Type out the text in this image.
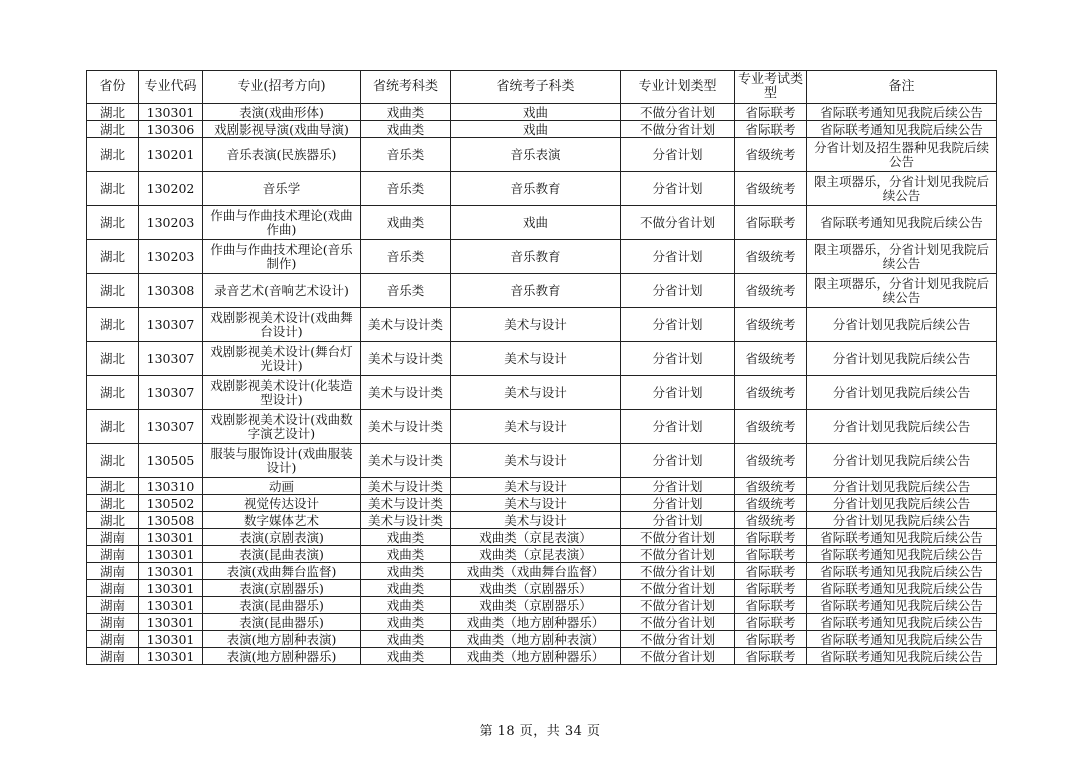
省份	专业代码	专业(招考方向)	省统考科类	省统考子科类	专业计划类型	专业考试类型	备注
湖北	130301	表演(戏曲形体)	戏曲类	戏曲	不做分省计划	省际联考	省际联考通知见我院后续公告
湖北	130306	戏剧影视导演(戏曲导演)	戏曲类	戏曲	不做分省计划	省际联考	省际联考通知见我院后续公告
湖北	130201	音乐表演(民族器乐)	音乐类	音乐表演	分省计划	省级统考	分省计划及招生器种见我院后续公告
湖北	130202	音乐学	音乐类	音乐教育	分省计划	省级统考	限主项器乐，分省计划见我院后续公告
湖北	130203	作曲与作曲技术理论(戏曲作曲)	戏曲类	戏曲	不做分省计划	省际联考	省际联考通知见我院后续公告
湖北	130203	作曲与作曲技术理论(音乐制作)	音乐类	音乐教育	分省计划	省级统考	限主项器乐，分省计划见我院后续公告
湖北	130308	录音艺术(音响艺术设计)	音乐类	音乐教育	分省计划	省级统考	限主项器乐，分省计划见我院后续公告
湖北	130307	戏剧影视美术设计(戏曲舞台设计)	美术与设计类	美术与设计	分省计划	省级统考	分省计划见我院后续公告
湖北	130307	戏剧影视美术设计(舞台灯光设计)	美术与设计类	美术与设计	分省计划	省级统考	分省计划见我院后续公告
湖北	130307	戏剧影视美术设计(化装造型设计)	美术与设计类	美术与设计	分省计划	省级统考	分省计划见我院后续公告
湖北	130307	戏剧影视美术设计(戏曲数字演艺设计)	美术与设计类	美术与设计	分省计划	省级统考	分省计划见我院后续公告
湖北	130505	服装与服饰设计(戏曲服装设计)	美术与设计类	美术与设计	分省计划	省级统考	分省计划见我院后续公告
湖北	130310	动画	美术与设计类	美术与设计	分省计划	省级统考	分省计划见我院后续公告
湖北	130502	视觉传达设计	美术与设计类	美术与设计	分省计划	省级统考	分省计划见我院后续公告
湖北	130508	数字媒体艺术	美术与设计类	美术与设计	分省计划	省级统考	分省计划见我院后续公告
湖南	130301	表演(京剧表演)	戏曲类	戏曲类（京昆表演）	不做分省计划	省际联考	省际联考通知见我院后续公告
湖南	130301	表演(昆曲表演)	戏曲类	戏曲类（京昆表演）	不做分省计划	省际联考	省际联考通知见我院后续公告
湖南	130301	表演(戏曲舞台监督)	戏曲类	戏曲类（戏曲舞台监督）	不做分省计划	省际联考	省际联考通知见我院后续公告
湖南	130301	表演(京剧器乐)	戏曲类	戏曲类（京剧器乐）	不做分省计划	省际联考	省际联考通知见我院后续公告
湖南	130301	表演(昆曲器乐)	戏曲类	戏曲类（京剧器乐）	不做分省计划	省际联考	省际联考通知见我院后续公告
湖南	130301	表演(昆曲器乐)	戏曲类	戏曲类（地方剧种器乐）	不做分省计划	省际联考	省际联考通知见我院后续公告
湖南	130301	表演(地方剧种表演)	戏曲类	戏曲类（地方剧种表演）	不做分省计划	省际联考	省际联考通知见我院后续公告
湖南	130301	表演(地方剧种器乐)	戏曲类	戏曲类（地方剧种器乐）	不做分省计划	省际联考	省际联考通知见我院后续公告
第 18 页，共 34 页
